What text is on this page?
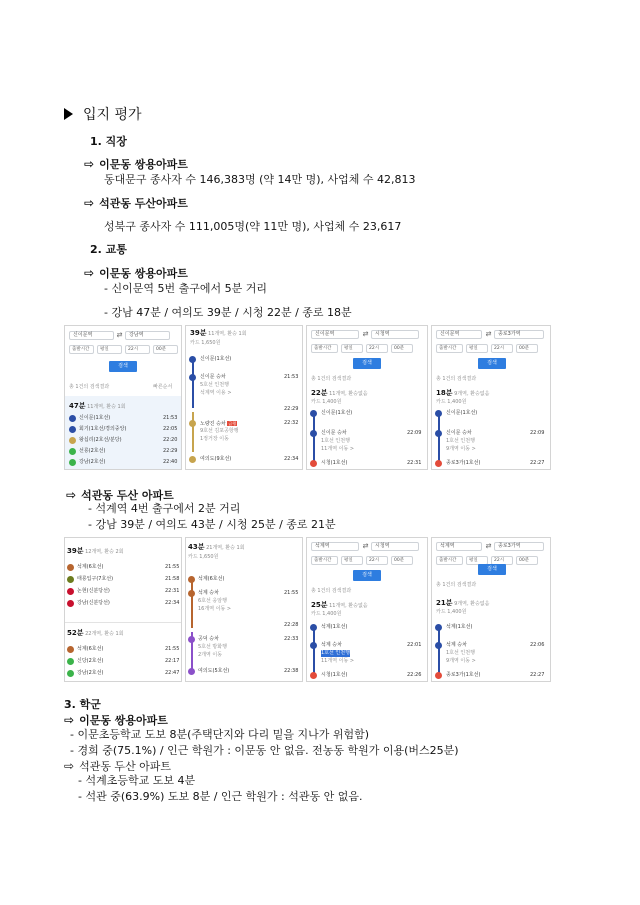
입지 평가
1. 직장
⇨ 이문동 쌍용아파트
동대문구 종사자 수 146,383명 (약 14만 명), 사업체 수 42,813
⇨ 석관동 두산아파트
성북구 종사자 수 111,005명(약 11만 명), 사업체 수 23,617
2. 교통
⇨ 이문동 쌍용아파트
- 신이문역 5번 출구에서 5분 거리
- 강남 47분 / 여의도 39분 / 시청 22분 / 종로 18분
신이문역	⇄	강남역
출발시간	평일	22시	00분
검색
총 1건의 검색결과	빠른순서
47분 11개역, 환승 1회
신이문(1호선)	21:53
회기(1호선/경의중앙)	22:05
왕십리(2호선/분당)	22:20
선릉(2호선)	22:29
강남(2호선)	22:40
39분 11개역, 환승 1회
카드 1,650원
신이문(1호선)
신이문 승차	21:53
5호선 인천행
석계역 이용 >
22:29
노량진 승차 급행	22:32
9호선 김포공항행
1정거장 이동
여의도(9호선)	22:34
신이문역	⇄	시청역
출발시간	평일	22시	00분
검색
총 1건의 검색결과
22분 11개역, 환승없음
카드 1,400원
신이문(1호선)
신이문 승차	22:09
1호선 인천행
11개역 이동 >
시청(1호선)	22:31
신이문역	⇄	종로3가역
출발시간	평일	22시	00분
검색
총 1건의 검색결과
18분 9개역, 환승없음
카드 1,400원
신이문(1호선)
신이문 승차	22:09
1호선 인천행
9개역 이동 >
종로3가(1호선)	22:27
⇨ 석관동 두산 아파트
- 석계역 4번 출구에서 2분 거리
- 강남 39분 / 여의도 43분 / 시청 25분 / 종로 21분
39분 12개역, 환승 2회
석계(6호선)	21:55
태릉입구(7호선)	21:58
논현(신분당선)	22:31
강남(신분당선)	22:34
52분 22개역, 환승 1회
석계(6호선)	21:55
신당(2호선)	22:17
강남(2호선)	22:47
43분 21개역, 환승 1회
카드 1,650원
석계(6호선)
석계 승차	21:55
6호선 응암행
16개역 이동 >
22:28
공덕 승차	22:33
5호선 방화행
2개역 이동
여의도(5호선)	22:38
석계역	⇄	시청역
출발시간	평일	22시	00분
검색
총 1건의 검색결과
25분 11개역, 환승없음
카드 1,400원
석계(1호선)
석계 승차	22:01
1호선 인천행
11개역 이동 >
시청(1호선)	22:26
석계역	⇄	종로3가역
출발시간	평일	22시	00분
검색
총 1건의 검색결과
21분 9개역, 환승없음
카드 1,400원
석계(1호선)
석계 승차	22:06
1호선 인천행
9개역 이동 >
종로3가(1호선)	22:27
3. 학군
⇨ 이문동 쌍용아파트
- 이문초등학교 도보 8분(주택단지와 다리 밑을 지나가 위험함)
- 경희 중(75.1%) / 인근 학원가 : 이문동 안 없음. 전농동 학원가 이용(버스25분)
⇨ 석관동 두산 아파트
- 석계초등학교 도보 4분
- 석관 중(63.9%) 도보 8분 / 인근 학원가 : 석관동 안 없음.
